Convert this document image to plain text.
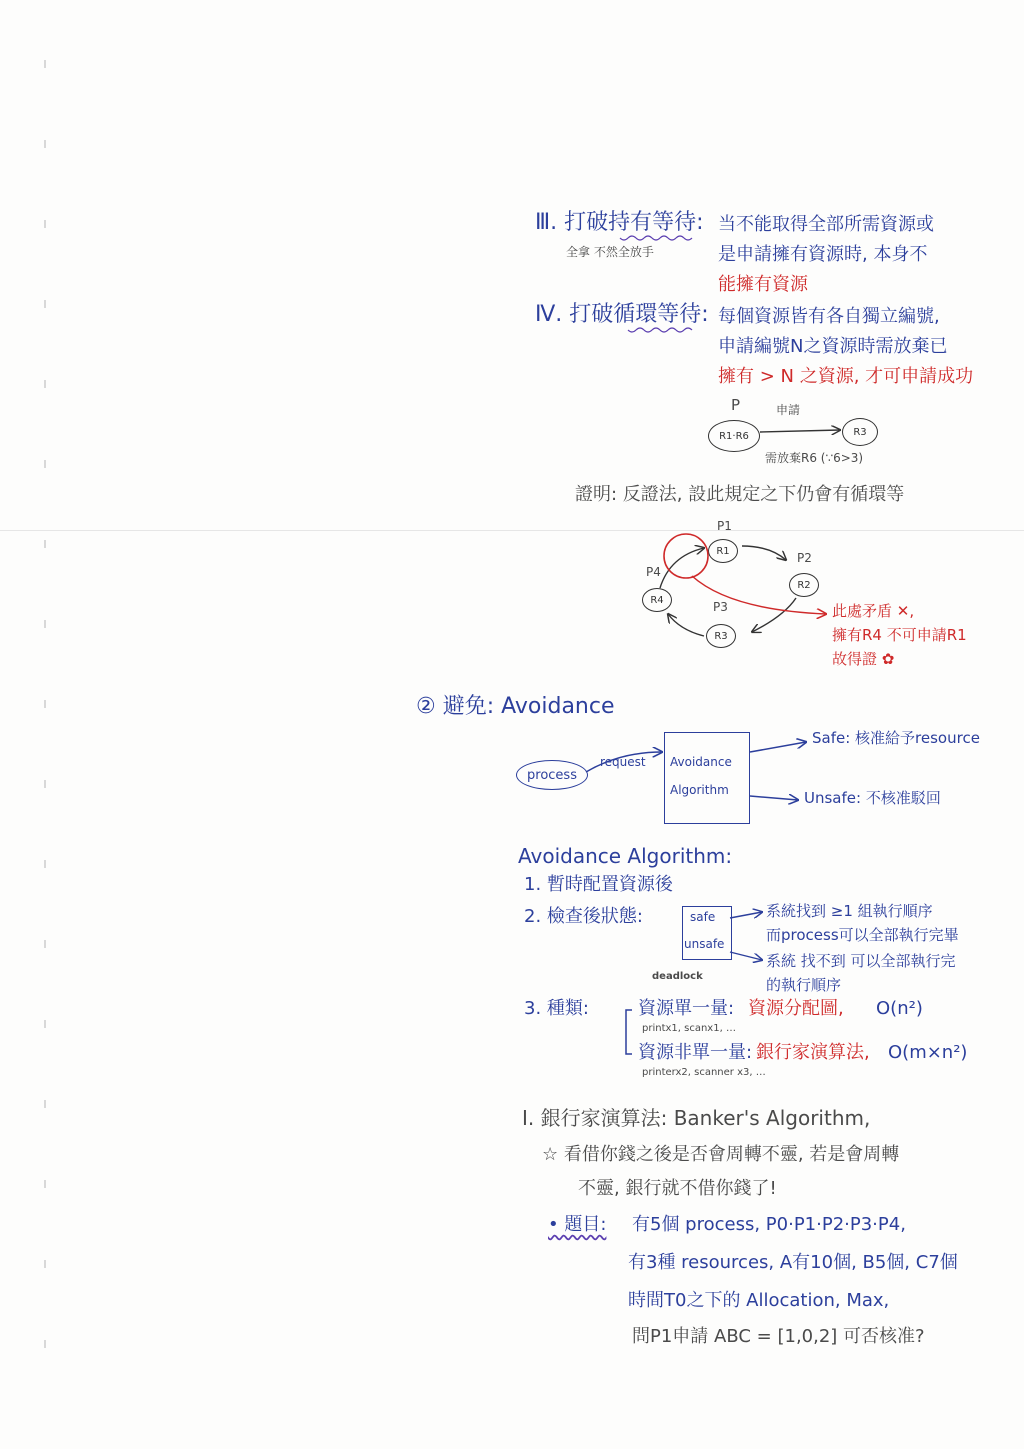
Ⅲ. 打破持有等待:
全拿 不然全放手
当不能取得全部所需資源或
是申請擁有資源時, 本身不
能擁有資源
Ⅳ. 打破循環等待: 每個資源皆有各自獨立編號,
申請編號N之資源時需放棄已
擁有 > N 之資源, 才可申請成功
P
R1·R6
申請
R3
需放棄R6 (∵6>3)
證明: 反證法, 設此規定之下仍會有循環等
P1
R1	P2
R2
P3
R3
P4
R4
此處矛盾 ✕,
擁有R4 不可申請R1
故得證 ✿
② 避免: Avoidance
process
request Avoidance
Algorithm
Safe: 核准給予resource
Unsafe: 不核准駁回
Avoidance Algorithm:
1. 暫時配置資源後
2. 檢查後狀態:	safe
unsafe
deadlock
系統找到 ≥1 組執行順序
而process可以全部執行完畢
系統 找不到 可以全部執行完
的執行順序
3. 種類:	資源單一量: 資源分配圖, O(n²)
printx1, scanx1, …
資源非單一量: 銀行家演算法, O(m×n²)
printerx2, scanner x3, …
Ⅰ. 銀行家演算法: Banker's Algorithm,
☆ 看借你錢之後是否會周轉不靈, 若是會周轉
不靈, 銀行就不借你錢了!
• 題目: 有5個 process, P0·P1·P2·P3·P4,
有3種 resources, A有10個, B5個, C7個
時間T0之下的 Allocation, Max,
問P1申請 ABC = [1,0,2] 可否核准?
